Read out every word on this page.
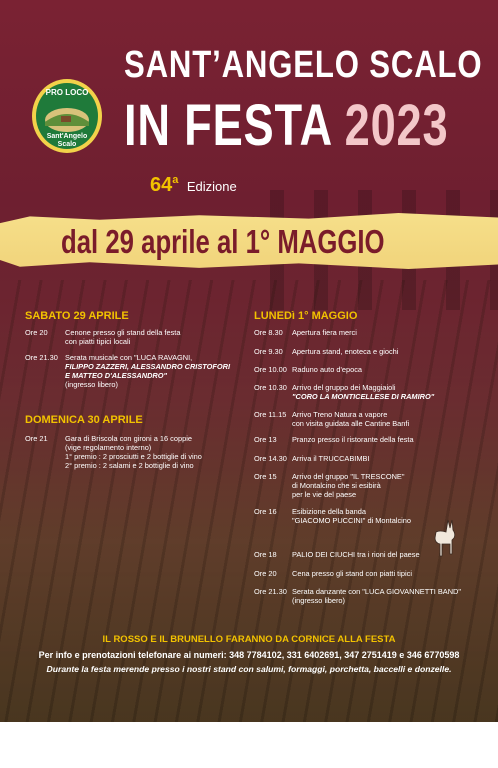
PRO LOCO
Sant'Angelo
Scalo
SANT’ANGELO SCALO
IN FESTA 2023
64$^a$ Edizione
dal 29 aprile al 1° MAGGIO
SABATO 29 APRILE
Ore 20 Cenone presso gli stand della festa
con piatti tipici locali
Ore 21.30 Serata musicale con "LUCA RAVAGNI,
FILIPPO ZAZZERI, ALESSANDRO CRISTOFORI
E MATTEO D'ALESSANDRO"
(ingresso libero)
DOMENICA 30 APRILE
Ore 21 Gara di Briscola con gironi a 16 coppie
(vige regolamento interno)
1° premio : 2 prosciutti e 2 bottiglie di vino
2° premio : 2 salami e 2 bottiglie di vino
LUNEDì 1° MAGGIO
Ore 8.30 Apertura fiera merci
Ore 9.30 Apertura stand, enoteca e giochi
Ore 10.00 Raduno auto d'epoca
Ore 10.30 Arrivo del gruppo dei Maggiaioli
"CORO LA MONTICELLESE DI RAMIRO"
Ore 11.15 Arrivo Treno Natura a vapore
con visita guidata alle Cantine Banfi
Ore 13 Pranzo presso il ristorante della festa
Ore 14.30 Arriva il TRUCCABIMBI
Ore 15 Arrivo del gruppo "IL TRESCONE"
di Montalcino che si esibirà
per le vie del paese
Ore 16 Esibizione della banda
"GIACOMO PUCCINI" di Montalcino
Ore 18 PALIO DEI CIUCHI tra i rioni del paese
Ore 20 Cena presso gli stand con piatti tipici
Ore 21.30 Serata danzante con "LUCA GIOVANNETTI BAND"
(ingresso libero)
IL ROSSO E IL BRUNELLO FARANNO DA CORNICE ALLA FESTA
Per info e prenotazioni telefonare ai numeri: 348 7784102, 331 6402691, 347 2751419 e 346 6770598
Durante la festa merende presso i nostri stand con salumi, formaggi, porchetta, baccelli e donzelle.
